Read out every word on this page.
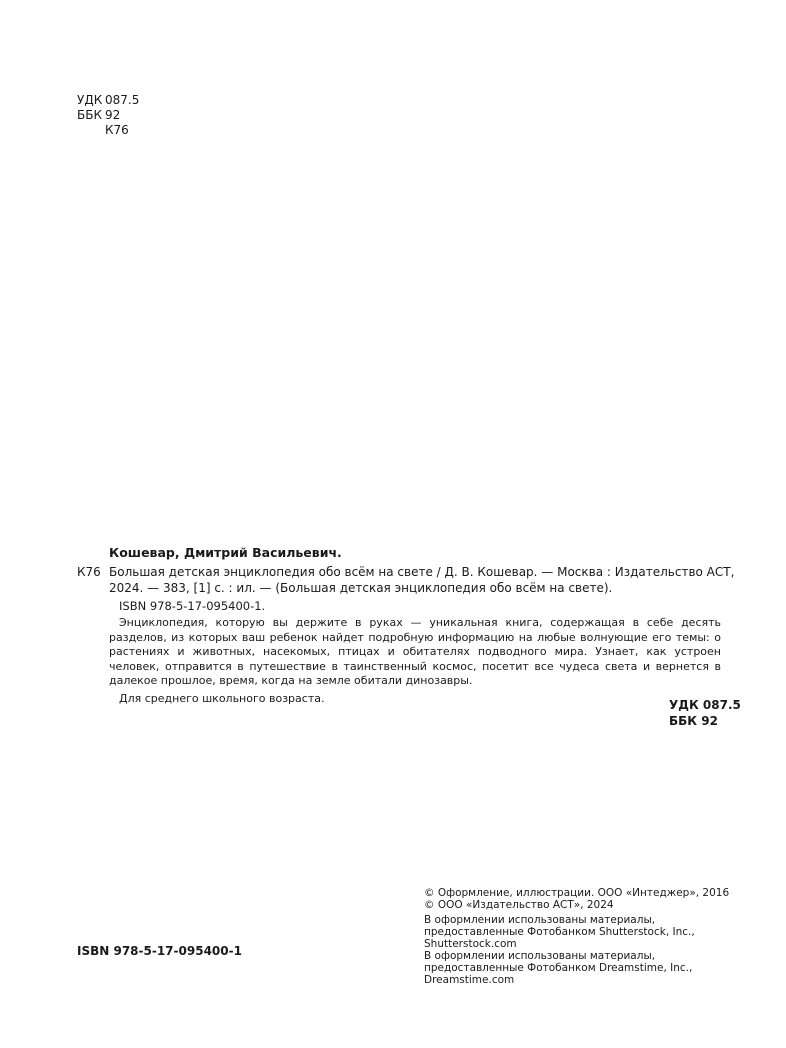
УДК 087.5
ББК 92
К76

Кошевар, Дмитрий Васильевич.

К76 Большая детская энциклопедия обо всём на свете / Д. В. Кошевар. — Москва : Издательство АСТ, 2024. — 383, [1] с. : ил. — (Большая детская энциклопедия обо всём на свете).

ISBN 978-5-17-095400-1.

Энциклопедия, которую вы держите в руках — уникальная книга, содержащая в себе десять разделов, из которых ваш ребенок найдет подробную информацию на любые волнующие его темы: о растениях и животных, насекомых, птицах и обитателях подводного мира. Узнает, как устроен человек, отправится в путешествие в таинственный космос, посетит все чудеса света и вернется в далекое прошлое, время, когда на земле обитали динозавры.

Для среднего школьного возраста.	УДК 087.5
ББК 92

© Оформление, иллюстрации. ООО «Интеджер», 2016

© ООО «Издательство АСТ», 2024

В оформлении использованы материалы, предоставленные Фотобанком Shutterstock, Inc., Shutterstock.com

В оформлении использованы материалы, предоставленные Фотобанком Dreamstime, Inc., Dreamstime.com

ISBN 978-5-17-095400-1
